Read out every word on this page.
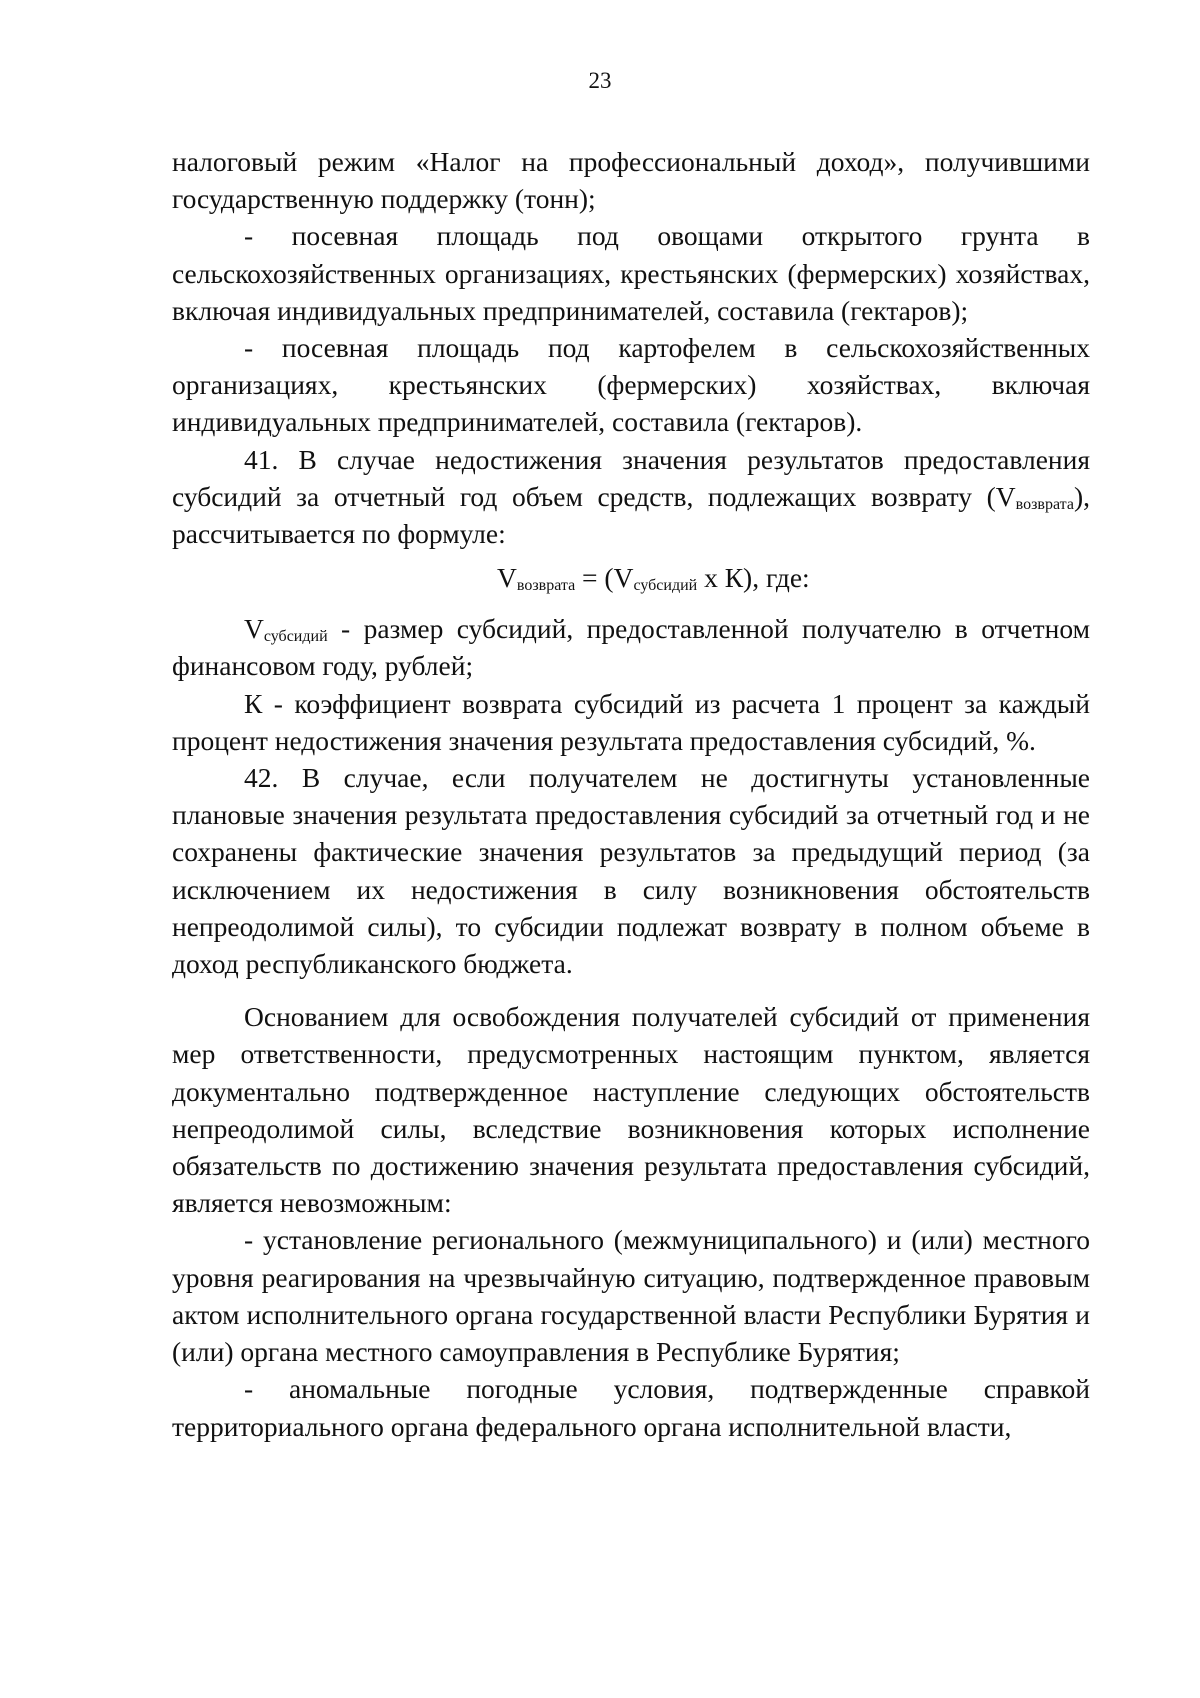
23

налоговый режим «Налог на профессиональный доход», получившими государственную поддержку (тонн);

- посевная площадь под овощами открытого грунта в сельскохозяйственных организациях, крестьянских (фермерских) хозяйствах, включая индивидуальных предпринимателей, составила (гектаров);

- посевная площадь под картофелем в сельскохозяйственных организациях, крестьянских (фермерских) хозяйствах, включая индивидуальных предпринимателей, составила (гектаров).

41. В случае недостижения значения результатов предоставления субсидий за отчетный год объем средств, подлежащих возврату $(V_{возврата})$, рассчитывается по формуле:

$V_{возврата} = (V_{субсидий}$ х К), где:

$V_{субсидий}$ - размер субсидий, предоставленной получателю в отчетном финансовом году, рублей;

К - коэффициент возврата субсидий из расчета 1 процент за каждый процент недостижения значения результата предоставления субсидий, %.

42. В случае, если получателем не достигнуты установленные плановые значения результата предоставления субсидий за отчетный год и не сохранены фактические значения результатов за предыдущий период (за исключением их недостижения в силу возникновения обстоятельств непреодолимой силы), то субсидии подлежат возврату в полном объеме в доход республиканского бюджета.

Основанием для освобождения получателей субсидий от применения мер ответственности, предусмотренных настоящим пунктом, является документально подтвержденное наступление следующих обстоятельств непреодолимой силы, вследствие возникновения которых исполнение обязательств по достижению значения результата предоставления субсидий, является невозможным:

- установление регионального (межмуниципального) и (или) местного уровня реагирования на чрезвычайную ситуацию, подтвержденное правовым актом исполнительного органа государственной власти Республики Бурятия и (или) органа местного самоуправления в Республике Бурятия;

- аномальные погодные условия, подтвержденные справкой территориального органа федерального органа исполнительной власти,
